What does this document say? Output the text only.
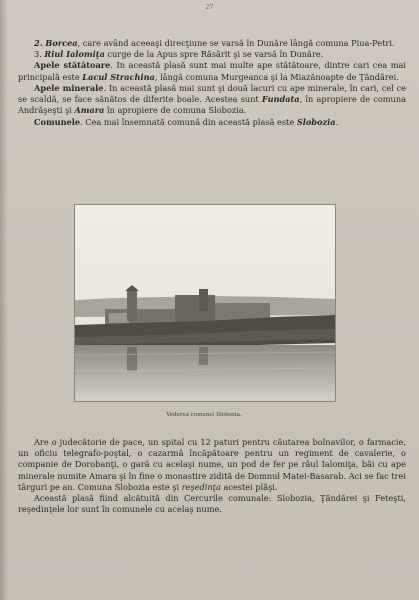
27

2. Borcea, care având aceeaşi direcţiune se varsă în Dunăre lângă comuna Piua-Petri.

3. Riul Ialomiţa curge de la Apus spre Răsărit şi se varsă în Dunăre.

Apele stătătoare. In această plasă sunt mai multe ape stătătoare, dintre cari cea mai principală este Lacul Strachina, lângă comuna Murgeanca şi la Miazănoapte de Ţăndărei.

Apele minerale. In această plasă mai sunt şi două lacuri cu ape minerale, în cari, cel ce se scaldă, se face sănătos de diferite boale. Acestea sunt Fundata, în apropiere de comuna Andrăşeşti şi Amara în apropiere de comuna Slobozia.

Comunele. Cea mai însemnată comună din această plasă este Slobozia.

Vederea comunei Slobozia.

Are o judecătorie de pace, un spital cu 12 paturi pentru căutarea bolnavilor, o farmacie, un oficiu telegrafo-poştal, o cazarmă încăpătoare pentru un regiment de cavalerie, o companie de Dorobanţi, o gară cu acelaşi nume, un pod de fer pe râul Ialomiţa, băi cu ape minerale numite Amara şi în fine o monastire zidită de Domnul Matei-Basarab. Aci se fac trei târguri pe an. Comuna Slobozia este şi reşedinţa acestei plăşi.

Această plasă fiind alcătuită din Cercurile comunale: Slobozia, Ţăndărei şi Feteşti, reşedinţele lor sunt în comunele cu acelaş nume.
